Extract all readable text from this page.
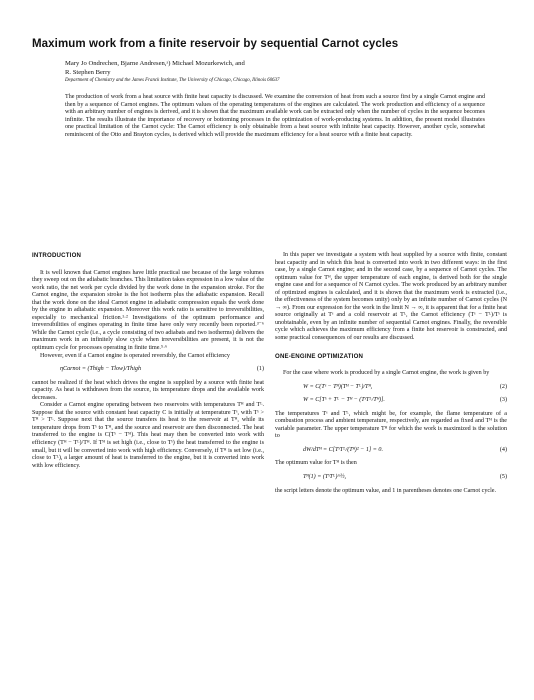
Maximum work from a finite reservoir by sequential Carnot cycles
Mary Jo Ondrechen, Bjarne Andresen,ᵃ) Michael Mozurkewich, and
R. Stephen Berry
Department of Chemistry and the James Franck Institute, The University of Chicago, Chicago, Illinois 60637
The production of work from a heat source with finite heat capacity is discussed. We examine the conversion of heat from such a source first by a single Carnot engine and then by a sequence of Carnot engines. The optimum values of the operating temperatures of the engines are calculated. The work production and efficiency of a sequence with an arbitrary number of engines is derived, and it is shown that the maximum available work can be extracted only when the number of cycles in the sequence becomes infinite. The results illustrate the importance of recovery or bottoming processes in the optimization of work-producing systems. In addition, the present model illustrates one practical limitation of the Carnot cycle: The Carnot efficiency is only obtainable from a heat source with infinite heat capacity. However, another cycle, somewhat reminiscent of the Otto and Brayton cycles, is derived which will provide the maximum efficiency for a heat source with a finite heat capacity.
INTRODUCTION

It is well known that Carnot engines have little practical use because of the large volumes they sweep out on the adiabatic branches. This limitation takes expression in a low value of the work ratio, the net work per cycle divided by the work done in the expansion stroke. For the Carnot engine, the expansion stroke is the hot isotherm plus the adiabatic expansion. Recall that the work done on the ideal Carnot engine in adiabatic compression equals the work done by the engine in adiabatic expansion. Moreover this work ratio is sensitive to irreversibilities, especially to mechanical friction.¹·² Investigations of the optimum performance and irreversibilities of engines operating in finite time have only very recently been reported.³⁻⁶ While the Carnot cycle (i.e., a cycle consisting of two adiabats and two isotherms) delivers the maximum work in an infinitely slow cycle when irreversibilities are present, it is not the optimum cycle for processes operating in finite time.⁵·⁶

However, even if a Carnot engine is operated reversibly, the Carnot efficiency

ηCarnot = (Thigh − Tlow)/Thigh	(1)

cannot be realized if the heat which drives the engine is supplied by a source with finite heat capacity. As heat is withdrawn from the source, its temperature drops and the available work decreases.

Consider a Carnot engine operating between two reservoirs with temperatures Tᴴ and Tᴸ. Suppose that the source with constant heat capacity C is initially at temperature Tˢ, with Tˢ > Tᴴ > Tᴸ. Suppose next that the source transfers its heat to the reservoir at Tᴴ, while its temperature drops from Tˢ to Tᴴ, and the source and reservoir are then disconnected. The heat transferred to the engine is C(Tˢ − Tᴴ). This heat may then be converted into work with efficiency (Tᴴ − Tᴸ)/Tᴴ. If Tᴴ is set high (i.e., close to Tˢ) the heat transferred to the engine is small, but it will be converted into work with high efficiency. Conversely, if Tᴴ is set low (i.e., close to Tᴸ), a larger amount of heat is transferred to the engine, but it is converted into work with low efficiency.

In this paper we investigate a system with heat supplied by a source with finite, constant heat capacity and in which this heat is converted into work in two different ways: in the first case, by a single Carnot engine; and in the second case, by a sequence of Carnot cycles. The optimum value for Tᴴ, the upper temperature of each engine, is derived both for the single engine case and for a sequence of N Carnot cycles. The work produced by an arbitrary number of optimized engines is calculated, and it is shown that the maximum work is extracted (i.e., the effectiveness of the system becomes unity) only by an infinite number of Carnot cycles (N → ∞). From our expression for the work in the limit N → ∞, it is apparent that for a finite heat source originally at Tˢ and a cold reservoir at Tᴸ, the Carnot efficiency (Tˢ − Tᴸ)/Tˢ is unobtainable, even by an infinite number of sequential Carnot engines. Finally, the reversible cycle which achieves the maximum efficiency from a finite hot reservoir is constructed, and some practical consequences of our results are discussed.

ONE-ENGINE OPTIMIZATION

For the case where work is produced by a single Carnot engine, the work is given by

W = C(Tˢ − Tᴴ)(Tᴴ − Tᴸ)/Tᴴ,	(2)
W = C[Tˢ + Tᴸ − Tᴴ − (TˢTᴸ/Tᴴ)].	(3)

The temperatures Tˢ and Tᴸ, which might be, for example, the flame temperature of a combustion process and ambient temperature, respectively, are regarded as fixed and Tᴴ is the variable parameter. The upper temperature Tᴴ for which the work is maximized is the solution to

dW/dTᴴ = C[TˢTᴸ/(Tᴴ)² − 1] = 0.	(4)

The optimum value for Tᴴ is then

Tᴴ(1) = (TˢTᴸ)^½,	(5)

the script letters denote the optimum value, and 1 in parentheses denotes one Carnot cycle.
